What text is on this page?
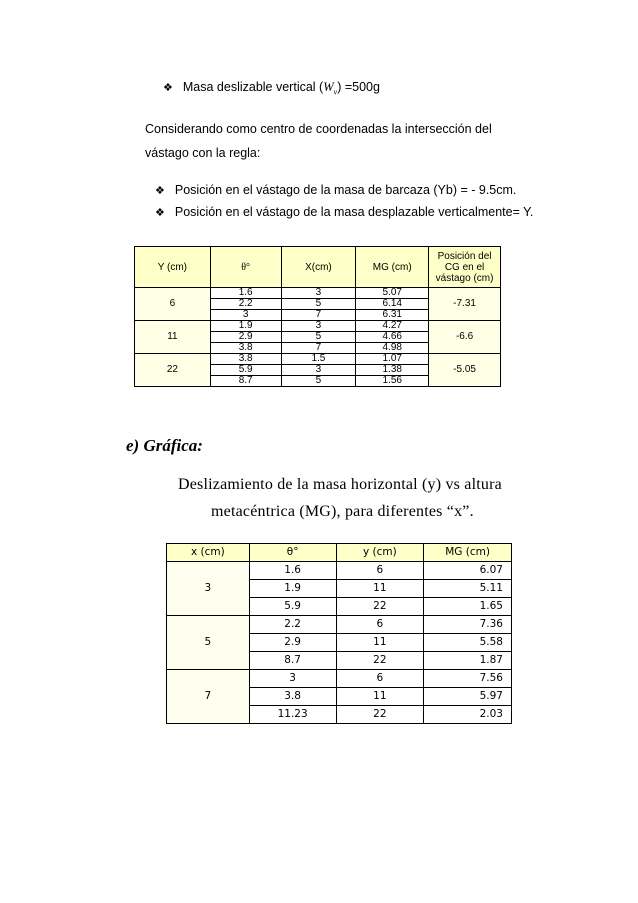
❖ Masa deslizable vertical $(W_v) =500g$
Considerando como centro de coordenadas la intersección del
vástago con la regla:
❖ Posición en el vástago de la masa de barcaza (Yb) = - 9.5cm.
❖ Posición en el vástago de la masa desplazable verticalmente= Y.
Y (cm)	θ°	X(cm)	MG (cm)	Posición del CG en el vástago (cm)
6	1.6	3	5.07	-7.31
	2.2	5	6.14	
	3	7	6.31	
11	1.9	3	4.27	-6.6
	2.9	5	4.66	
	3.8	7	4.98	
22	3.8	1.5	1.07	-5.05
	5.9	3	1.38	
	8.7	5	1.56	
e) Gráfica:
Deslizamiento de la masa horizontal (y) vs altura
metacéntrica (MG), para diferentes “x”.
x (cm)	θ°	y (cm)	MG (cm)
3	1.6	6	6.07
	1.9	11	5.11
	5.9	22	1.65
5	2.2	6	7.36
	2.9	11	5.58
	8.7	22	1.87
7	3	6	7.56
	3.8	11	5.97
	11.23	22	2.03
